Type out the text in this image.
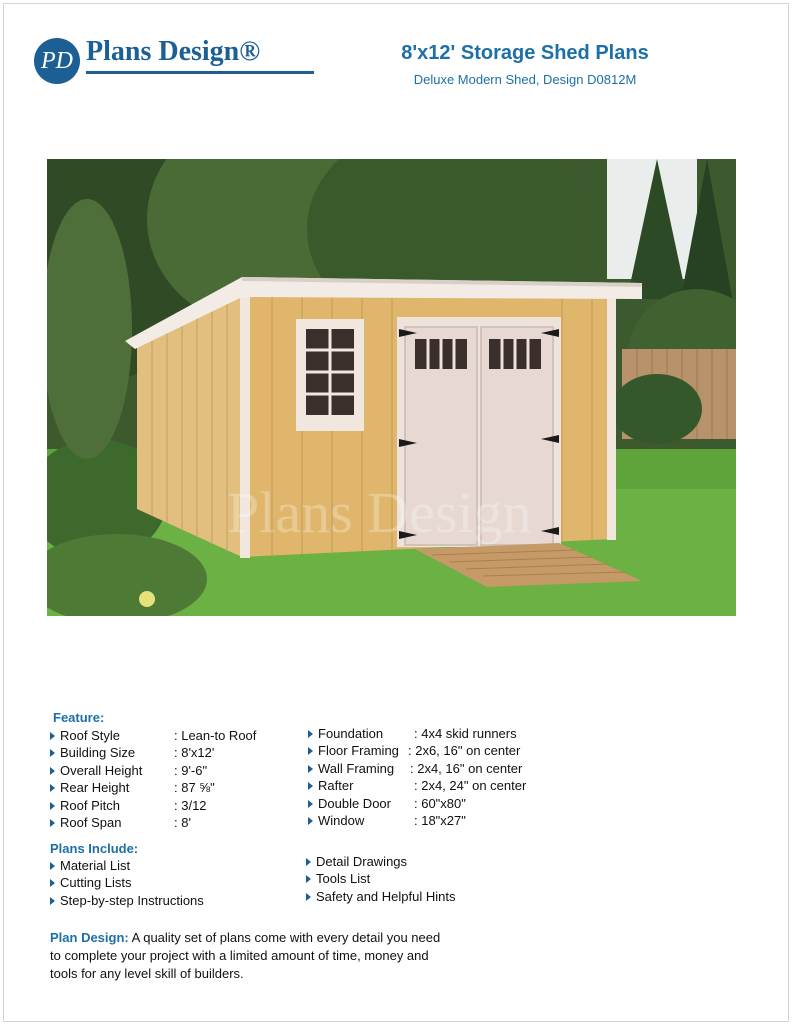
PD Plans Design®	8'x12' Storage Shed Plans
Deluxe Modern Shed, Design D0812M
Plans Design
Feature:
Roof Style	: Lean-to Roof
Building Size	: 8'x12'
Overall Height : 9'-6"
Rear Height	: 87 ⅝"
Roof Pitch	: 3/12
Roof Span	: 8'
Foundation : 4x4 skid runners
Floor Framing : 2x6, 16" on center
Wall Framing : 2x4, 16" on center
Rafter	: 2x4, 24" on center
Double Door : 60"x80"
Window	: 18"x27"
Plans Include:
Material List
Cutting Lists
Step-by-step Instructions
Detail Drawings
Tools List
Safety and Helpful Hints
Plan Design: A quality set of plans come with every detail you need to complete your project with a limited amount of time, money and tools for any level skill of builders.
